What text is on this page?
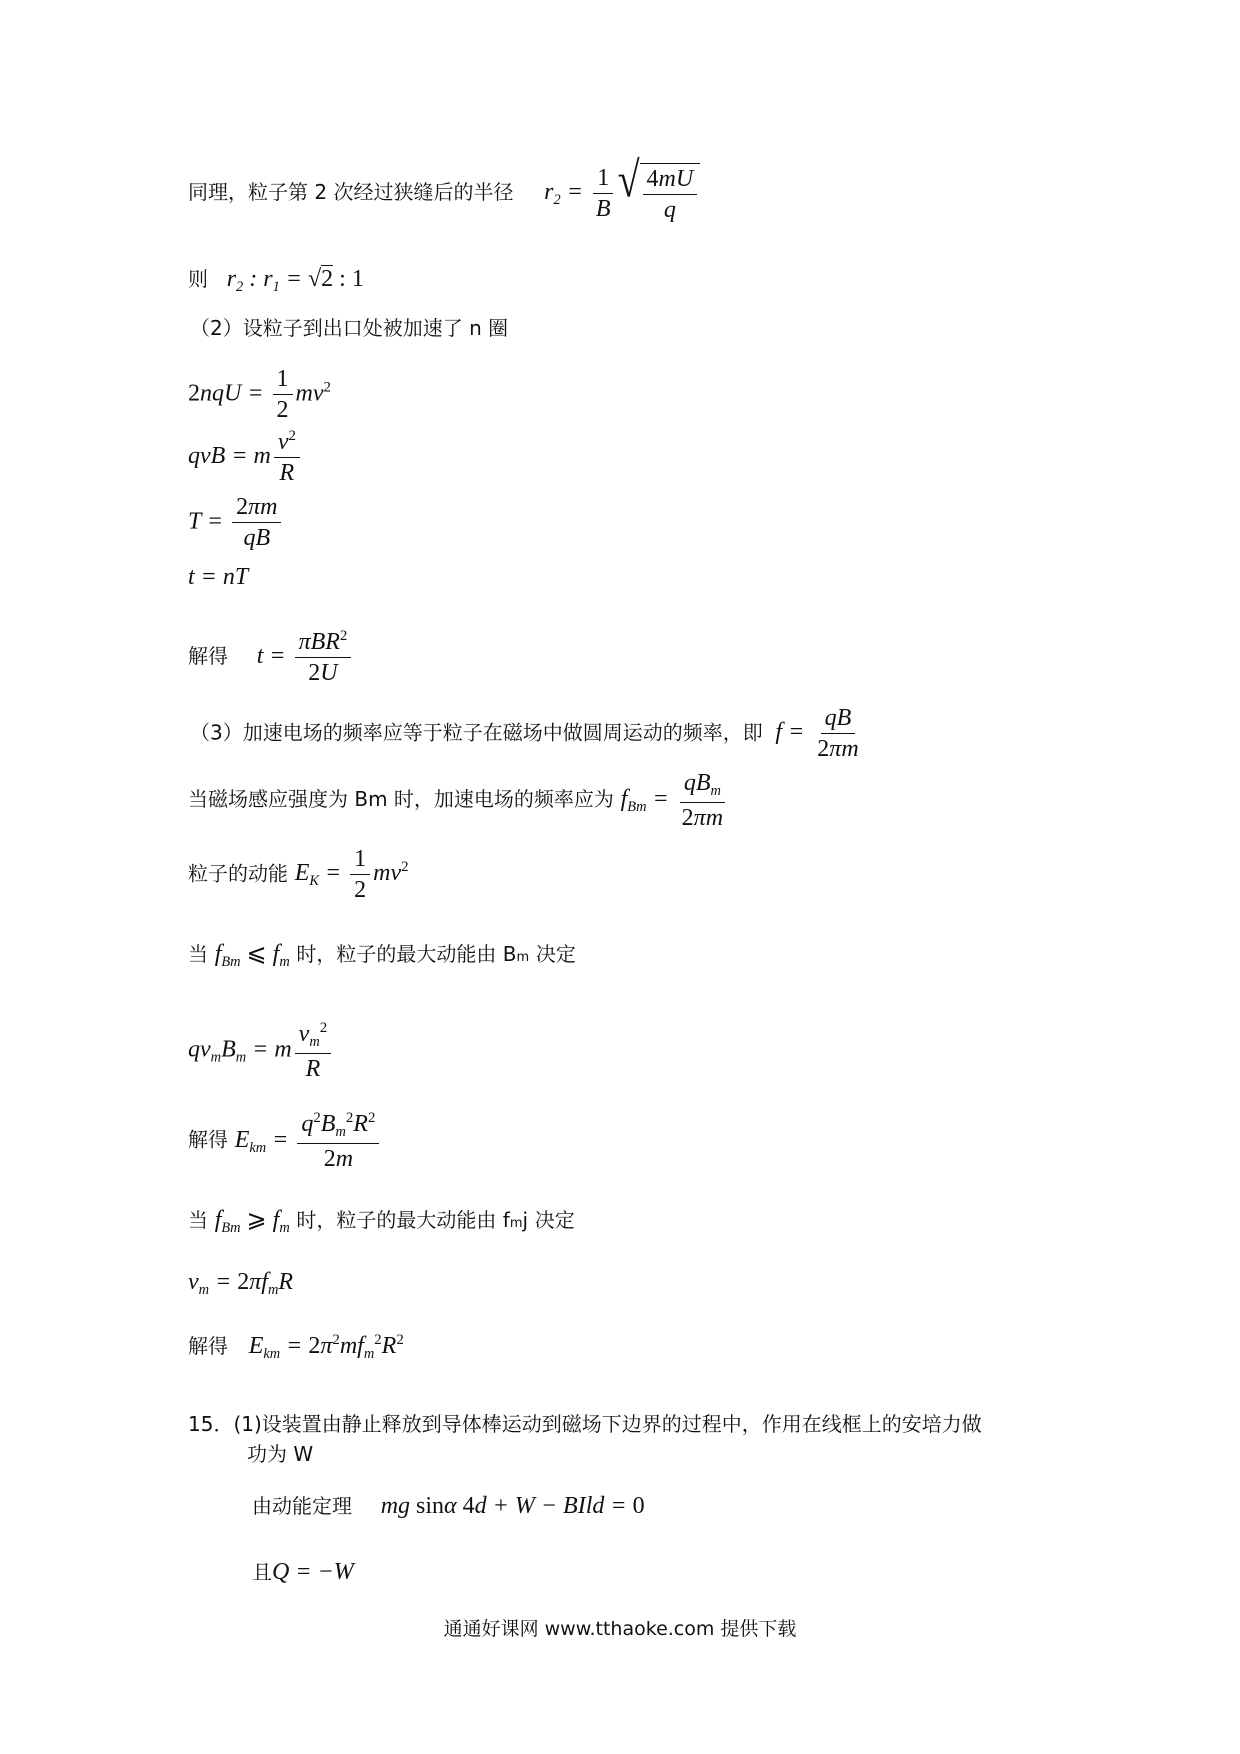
同理，粒子第 2 次经过狭缝后的半径 $r_2 = \frac{1}{B}$ √ $\frac{4mU}{q}$
则 $r_2$ : $r_1 = √2$ : 1
（2）设粒子到出口处被加速了 n 圈
$2nqU = \frac{1}{2} mv^2$
qvB = m $\frac{v^2}{R}$
$T = \frac{2\pi m}{qB}$
t = nT
解得 $t = \frac{\pi BR^2}{2U}$
（3）加速电场的频率应等于粒子在磁场中做圆周运动的频率，即 $f = \frac{qB}{2\pi m}$
当磁场感应强度为 Bm 时，加速电场的频率应为 $f_{Bm} = \frac{qB_m}{2\pi m}$
粒子的动能 $E_K = \frac{1}{2} mv^2$
当 $f_{Bm}$ ⩽ $f_m$ 时，粒子的最大动能由 Bm 决定
$qv_mB_m = m \frac{v_m^2}{R}$
解得 $E_{km} = \frac{q^2B_m^2R^2}{2m}$
当 $f_{Bm}$ ⩾ $f_m$ 时，粒子的最大动能由 fmj 决定
$v_m = 2\pi f_mR$
解得 $E_{km} = 2\pi^2mf_m^2R^2$
15．(1)设装置由静止释放到导体棒运动到磁场下边界的过程中，作用在线框上的安培力做
功为 W
由动能定理 mg sinα 4d + W − BIld = 0
且Q = −W
通通好课网 www.tthaoke.com 提供下载
